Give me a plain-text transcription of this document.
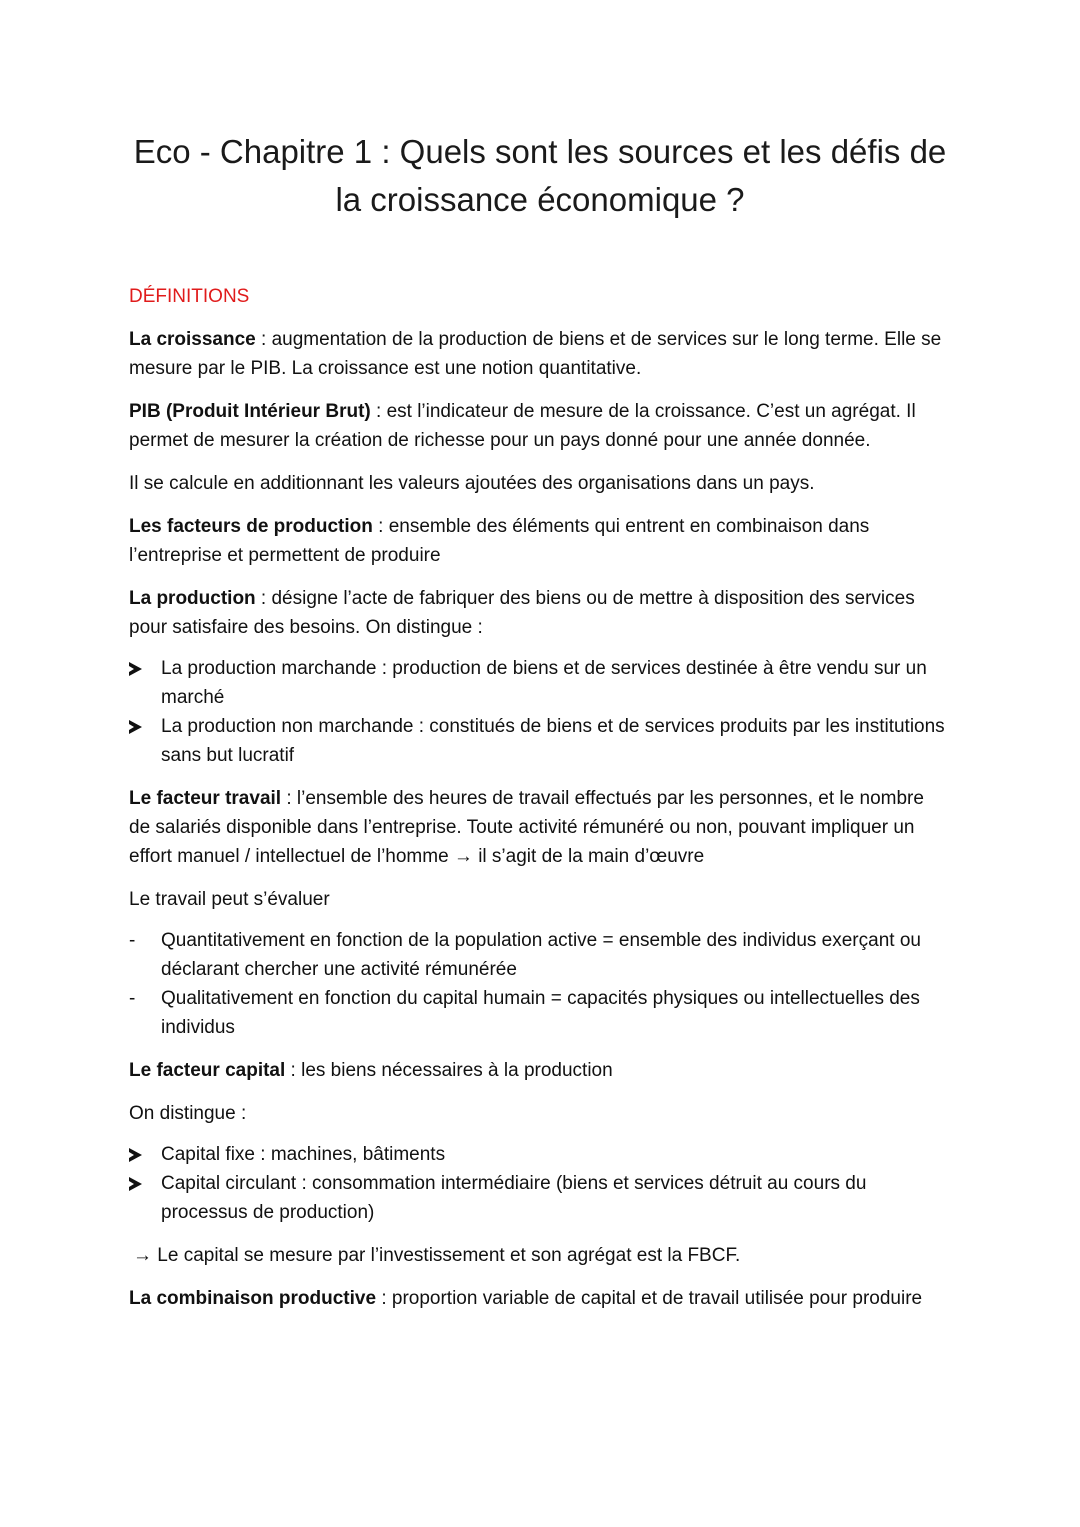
Eco - Chapitre 1 : Quels sont les sources et les défis de
la croissance économique ?
DÉFINITIONS

La croissance : augmentation de la production de biens et de services sur le long terme. Elle se mesure par le PIB. La croissance est une notion quantitative.

PIB (Produit Intérieur Brut) : est l’indicateur de mesure de la croissance. C’est un agrégat. Il permet de mesurer la création de richesse pour un pays donné pour une année donnée.

Il se calcule en additionnant les valeurs ajoutées des organisations dans un pays.

Les facteurs de production : ensemble des éléments qui entrent en combinaison dans l’entreprise et permettent de produire

La production : désigne l’acte de fabriquer des biens ou de mettre à disposition des services pour satisfaire des besoins. On distingue :

La production marchande : production de biens et de services destinée à être vendu sur un marché
La production non marchande : constitués de biens et de services produits par les institutions sans but lucratif

Le facteur travail : l’ensemble des heures de travail effectués par les personnes, et le nombre de salariés disponible dans l’entreprise. Toute activité rémunéré ou non, pouvant impliquer un effort manuel / intellectuel de l’homme → il s’agit de la main d’œuvre

Le travail peut s’évaluer

-	Quantitativement en fonction de la population active = ensemble des individus exerçant ou déclarant chercher une activité rémunérée
-	Qualitativement en fonction du capital humain = capacités physiques ou intellectuelles des individus

Le facteur capital : les biens nécessaires à la production

On distingue :

Capital fixe : machines, bâtiments
Capital circulant : consommation intermédiaire (biens et services détruit au cours du processus de production)

→ Le capital se mesure par l’investissement et son agrégat est la FBCF.

La combinaison productive : proportion variable de capital et de travail utilisée pour produire
